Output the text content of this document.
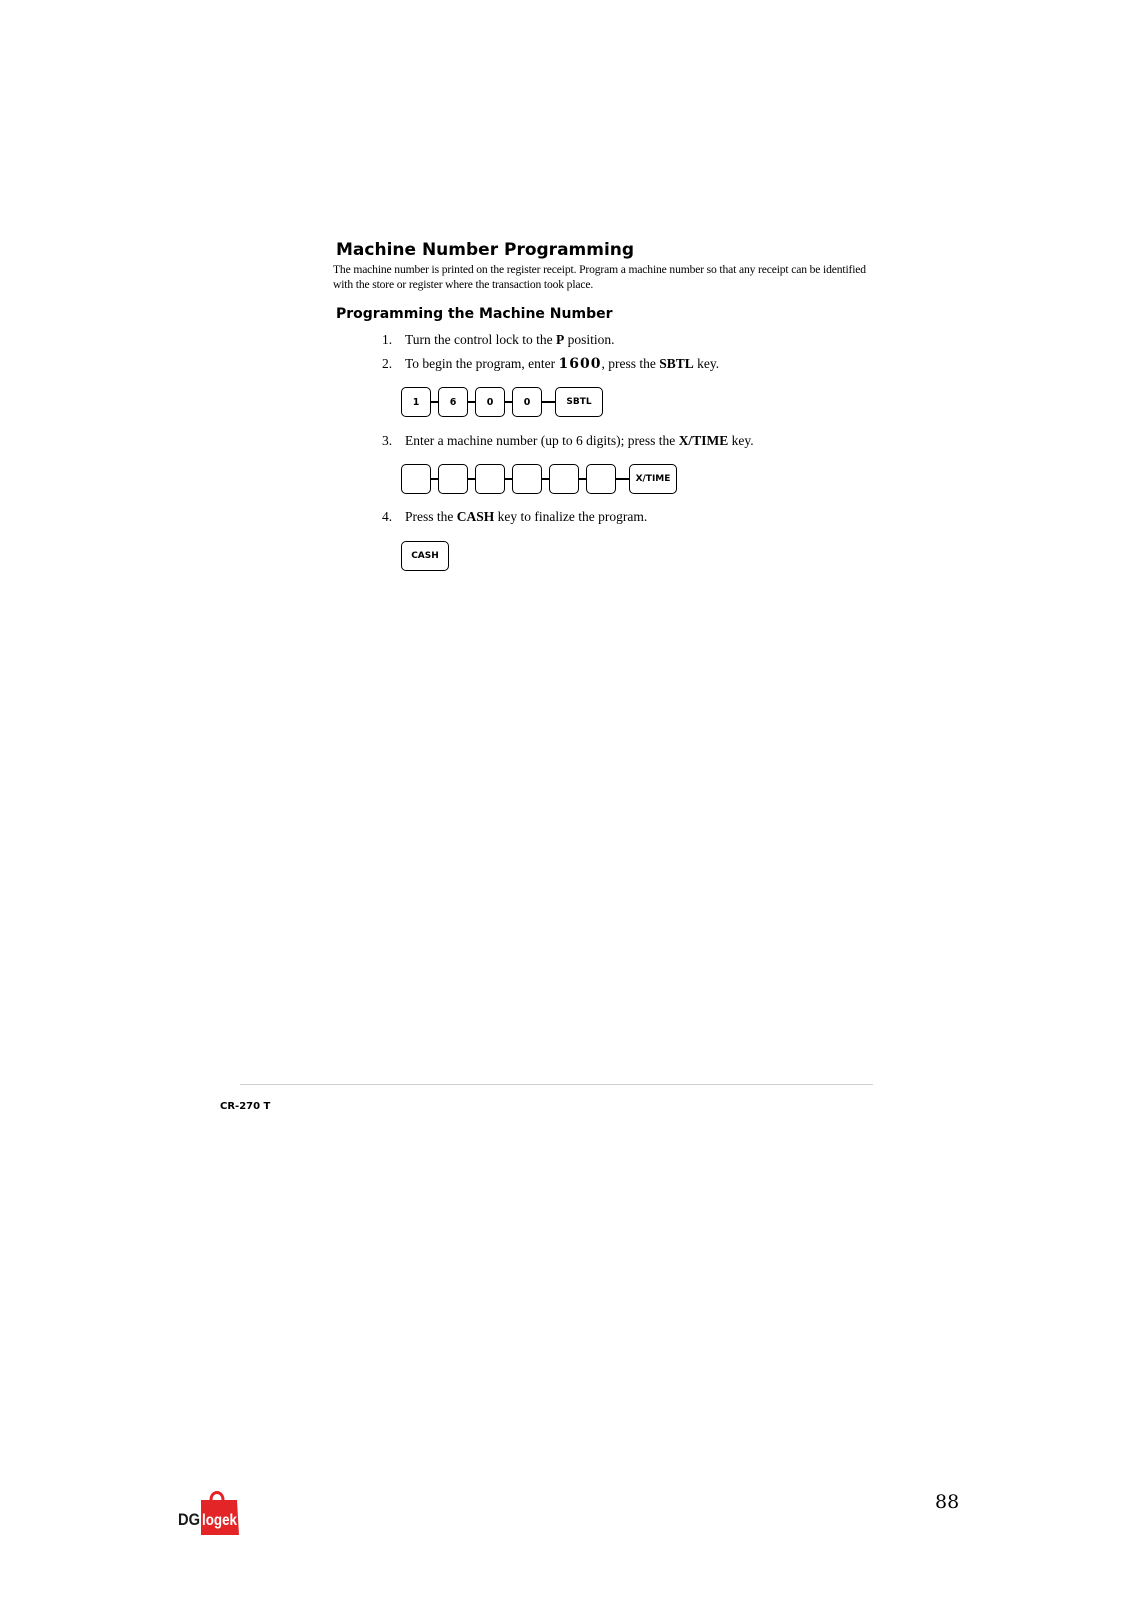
Machine Number Programming

The machine number is printed on the register receipt. Program a machine number so that any receipt can be identified with the store or register where the transaction took place.

Programming the Machine Number
1. Turn the control lock to the P position.
2. To begin the program, enter 1600, press the SBTL key.
1	6	0	0	SBTL
3. Enter a machine number (up to 6 digits); press the X/TIME key.
X/TIME
4. Press the CASH key to finalize the program.
CASH
CR-270 T
DG logek
88
